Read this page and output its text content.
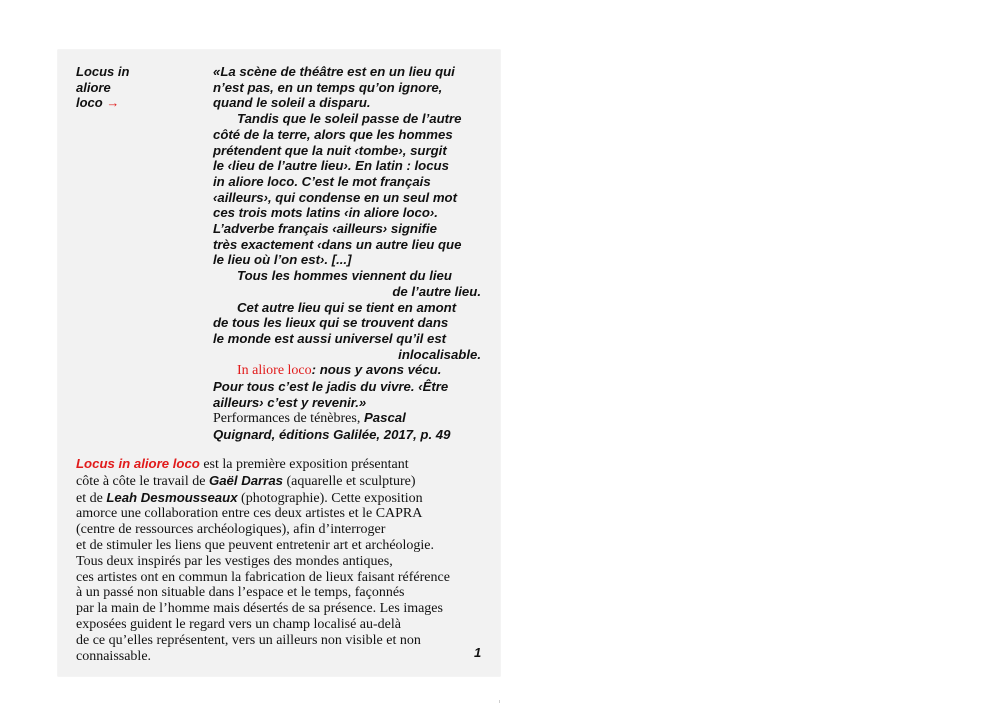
Locus in
aliore
loco →
«La scène de théâtre est en un lieu qui
n’est pas, en un temps qu’on ignore,
quand le soleil a disparu.
Tandis que le soleil passe de l’autre
côté de la terre, alors que les hommes
prétendent que la nuit ‹tombe›, surgit
le ‹lieu de l’autre lieu›. En latin : locus
in aliore loco. C’est le mot français
‹ailleurs›, qui condense en un seul mot
ces trois mots latins ‹in aliore loco›.
L’adverbe français ‹ailleurs› signifie
très exactement ‹dans un autre lieu que
le lieu où l’on est›. [...]
Tous les hommes viennent du lieu
de l’autre lieu.
Cet autre lieu qui se tient en amont
de tous les lieux qui se trouvent dans
le monde est aussi universel qu’il est
inlocalisable.
In aliore loco: nous y avons vécu.
Pour tous c’est le jadis du vivre. ‹Être
ailleurs› c’est y revenir.»
Performances de ténèbres, Pascal
Quignard, éditions Galilée, 2017, p. 49
Locus in aliore loco est la première exposition présentant
côte à côte le travail de Gaël Darras (aquarelle et sculpture)
et de Leah Desmousseaux (photographie). Cette exposition
amorce une collaboration entre ces deux artistes et le CAPRA
(centre de ressources archéologiques), afin d’interroger
et de stimuler les liens que peuvent entretenir art et archéologie.
Tous deux inspirés par les vestiges des mondes antiques,
ces artistes ont en commun la fabrication de lieux faisant référence
à un passé non situable dans l’espace et le temps, façonnés
par la main de l’homme mais désertés de sa présence. Les images
exposées guident le regard vers un champ localisé au-delà
de ce qu’elles représentent, vers un ailleurs non visible et non
connaissable.	1
